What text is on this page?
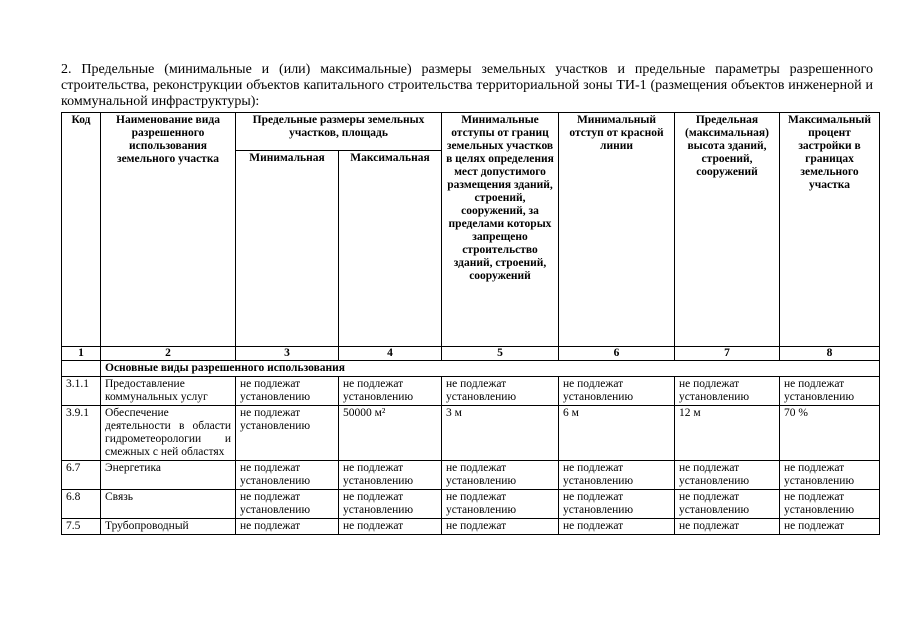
2. Предельные (минимальные и (или) максимальные) размеры земельных участков и предельные параметры разрешенного строительства, реконструкции объектов капитального строительства территориальной зоны ТИ-1 (размещения объектов инженерной и коммунальной инфраструктуры):

Код	Наименование вида разрешенного использования земельного участка	Предельные размеры земельных участков, площадь		Минимальные отступы от границ земельных участков в целях определения мест допустимого размещения зданий, строений, сооружений, за пределами которых запрещено строительство зданий, строений, сооружений	Минимальный отступ от красной линии	Предельная (максимальная) высота зданий, строений, сооружений	Максимальный процент застройки в границах земельного участка
		Минимальная	Максимальная				
1	2	3	4	5	6	7	8
	Основные виды разрешенного использования						
3.1.1	Предоставление коммунальных услуг	не подлежат установлению	не подлежат установлению	не подлежат установлению	не подлежат установлению	не подлежат установлению	не подлежат установлению
3.9.1	Обеспечение деятельности в области гидрометеорологии и смежных с ней областях	не подлежат установлению	50000 м²	3 м	6 м	12 м	70 %
6.7	Энергетика	не подлежат установлению	не подлежат установлению	не подлежат установлению	не подлежат установлению	не подлежат установлению	не подлежат установлению
6.8	Связь	не подлежат установлению	не подлежат установлению	не подлежат установлению	не подлежат установлению	не подлежат установлению	не подлежат установлению
7.5	Трубопроводный	не подлежат	не подлежат	не подлежат	не подлежат	не подлежат	не подлежат
